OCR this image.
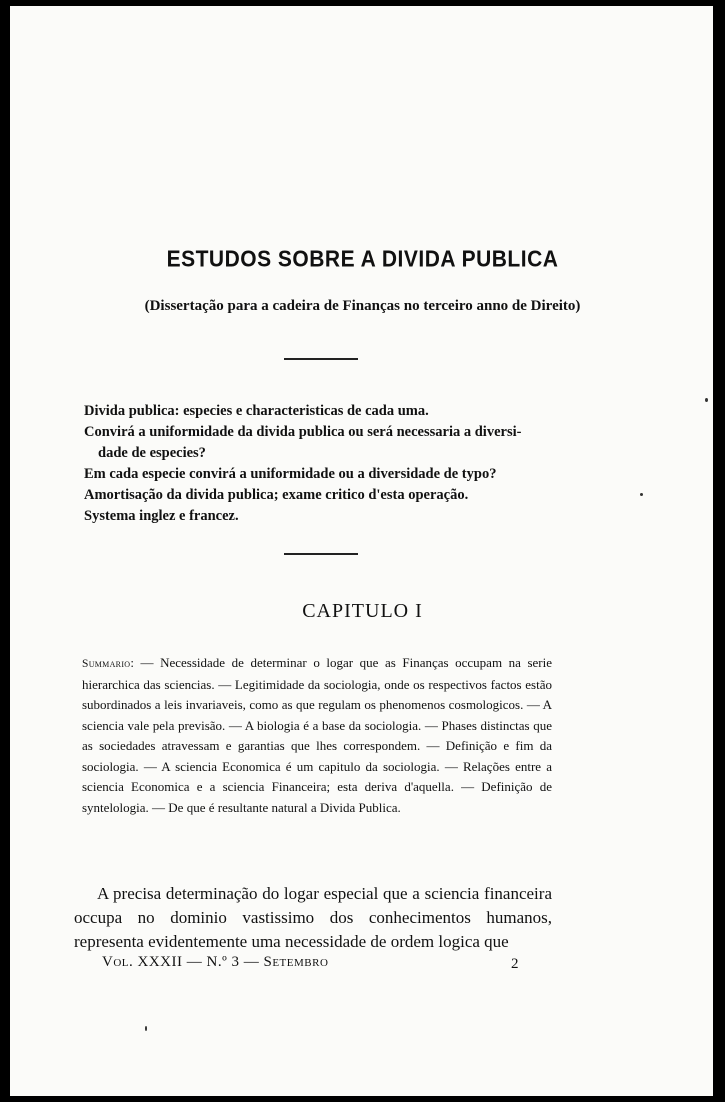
ESTUDOS SOBRE A DIVIDA PUBLICA
(Dissertação para a cadeira de Finanças no terceiro anno de Direito)

Divida publica: especies e characteristicas de cada uma.

Convirá a uniformidade da divida publica ou será necessaria a diversi-

dade de especies?

Em cada especie convirá a uniformidade ou a diversidade de typo?

Amortisação da divida publica; exame critico d'esta operação.

Systema inglez e francez.

CAPITULO I
Summario: — Necessidade de determinar o logar que as Finanças occupam na serie hierarchica das sciencias. — Legitimidade da sociologia, onde os respectivos factos estão subordinados a leis invariaveis, como as que regulam os phenomenos cosmologicos. — A sciencia vale pela previsão. — A biologia é a base da sociologia. — Phases distinctas que as sociedades atravessam e garantias que lhes correspondem. — Definição e fim da sociologia. — A sciencia Economica é um capitulo da sociologia. — Relações entre a sciencia Economica e a sciencia Financeira; esta deriva d'aquella. — Definição de syntelologia. — De que é resultante natural a Divida Publica.
A precisa determinação do logar especial que a sciencia financeira occupa no dominio vastissimo dos conhecimentos humanos, representa evidentemente uma necessidade de ordem logica que
Vol. XXXII — N.º 3 — Setembro	2
